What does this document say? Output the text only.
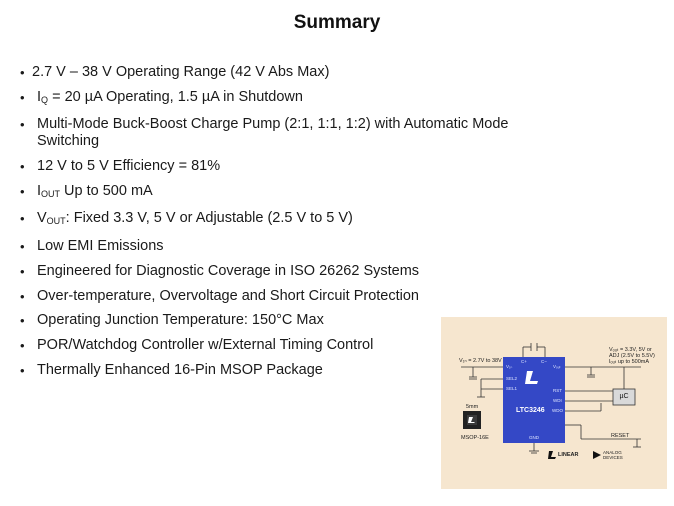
Summary
• 2.7 V – 38 V Operating Range (42 V Abs Max)
• $I_Q = 20$ µA Operating, 1.5 µA in Shutdown
• Multi-Mode Buck-Boost Charge Pump (2:1, 1:1, 1:2) with Automatic Mode Switching
• 12 V to 5 V Efficiency = 81%
• $I_{OUT}$ Up to 500 mA
• $V_{OUT}$: Fixed 3.3 V, 5 V or Adjustable (2.5 V to 5 V)
• Low EMI Emissions
• Engineered for Diagnostic Coverage in ISO 26262 Systems
• Over-temperature, Overvoltage and Short Circuit Protection
• Operating Junction Temperature: 150°C Max
• POR/Watchdog Controller w/External Timing Control
• Thermally Enhanced 16-Pin MSOP Package
V₁ₙ = 2.7V to 38V
Vₒᵤₜ = 3.3V, 5V or
ADJ (2.5V to 5.5V)
Iₒᵤₜ up to 500mA
V₁ₙ
SEL2
SEL1
C+	C−
Vₒᵤₜ
RST
WDI
WDO
GND
LTC3246
µC
RESET
5mm
MSOP-16E
LINEAR	ANALOG
DEVICES
